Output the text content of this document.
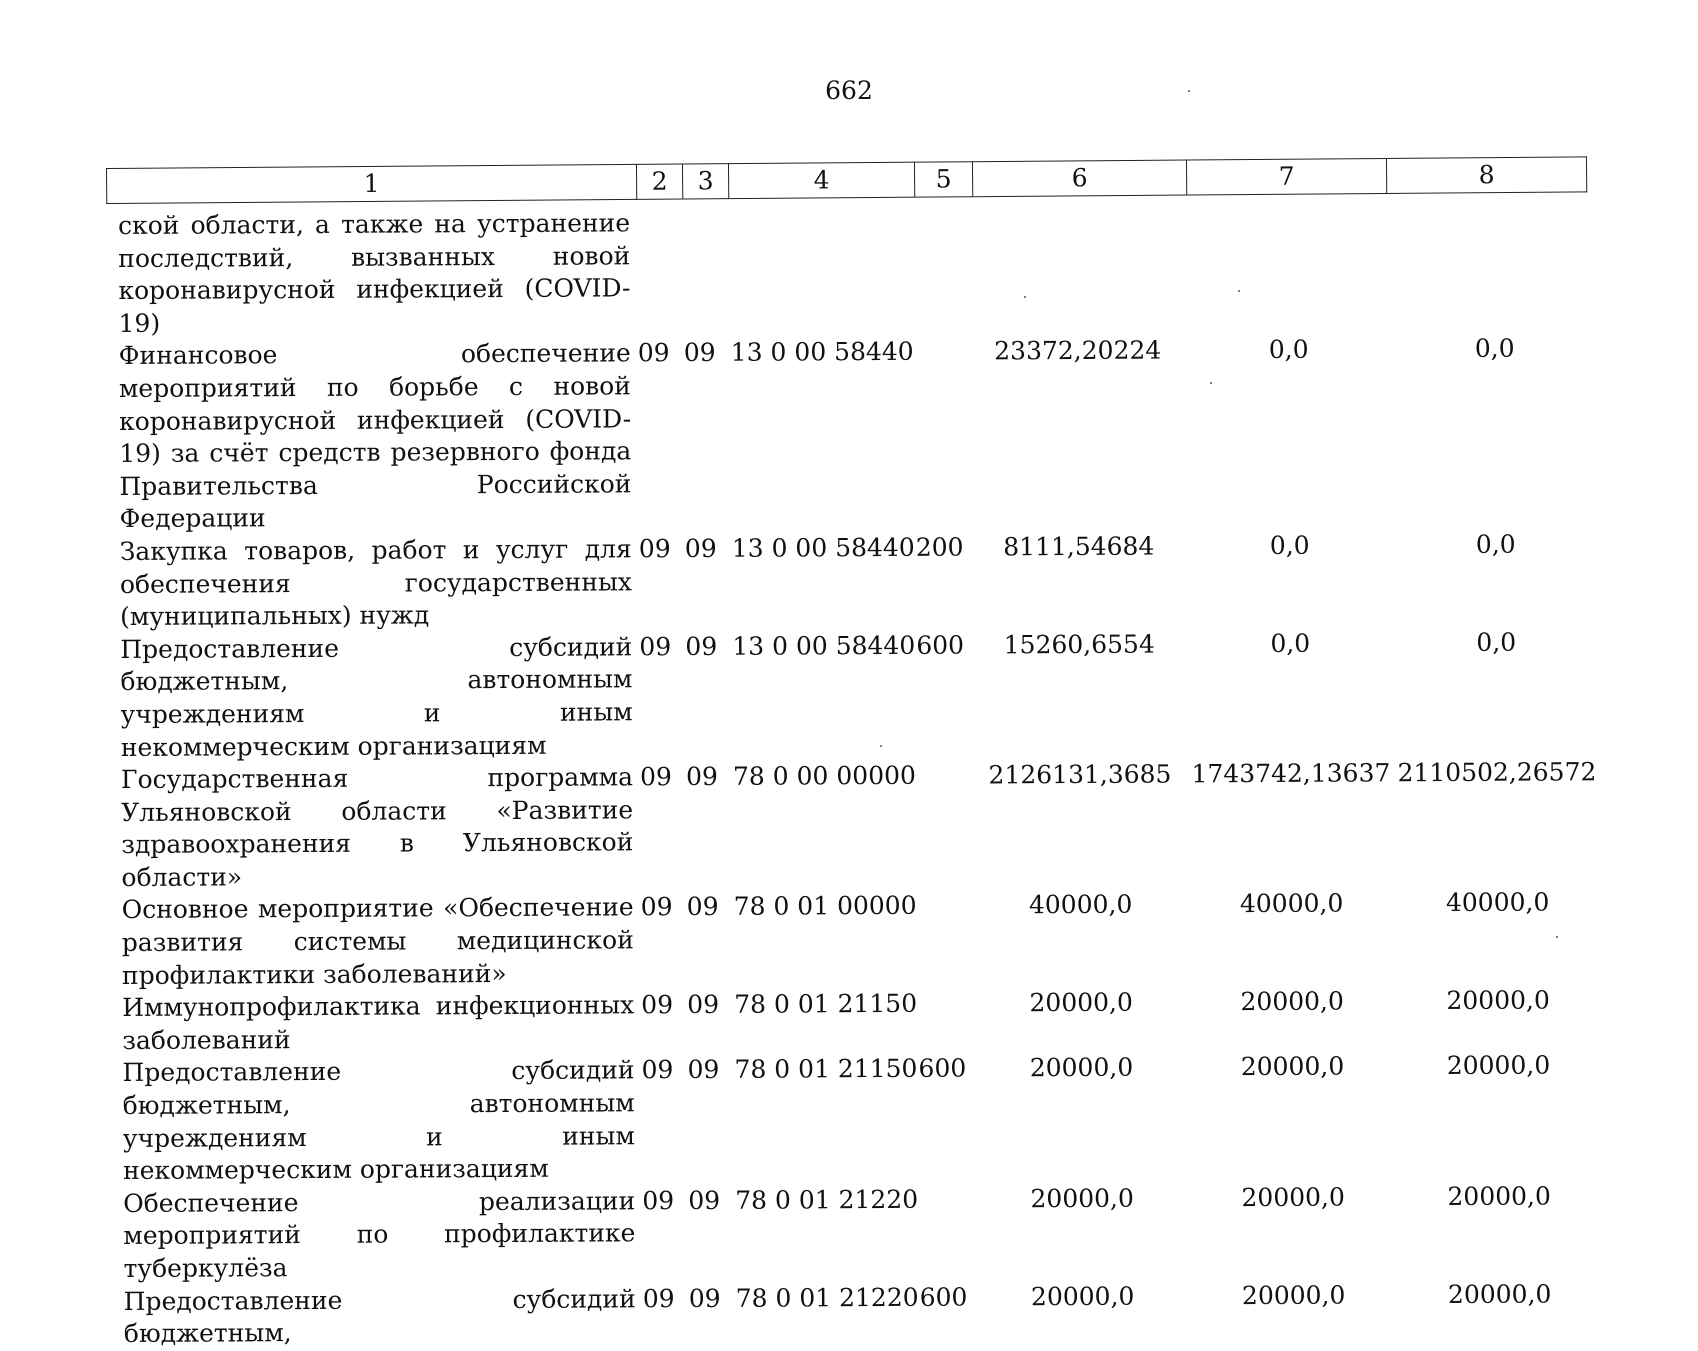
662
1	2	3	4	5	6	7	8
ской области, а также на устранение последствий, вызванных новой коронавирусной инфекцией (COVID-19)
Финансовое обеспечение мероприятий по борьбе с новой коронавирусной инфекцией (COVID-19) за счёт средств резервного фонда Правительства Российской Федерации
09 09 13 0 00 58440	23372,20224	0,0	0,0
Закупка товаров, работ и услуг для обеспечения государственных (муниципальных) нужд
09 09 13 0 00 58440 200	8111,54684	0,0	0,0
Предоставление субсидий бюджетным, автономным учреждениям и иным некоммерческим организациям
09 09 13 0 00 58440 600	15260,6554	0,0	0,0
Государственная программа Ульяновской области «Развитие здравоохранения в Ульяновской области»
09 09 78 0 00 00000	2126131,3685 1743742,13637 2110502,26572
Основное мероприятие «Обеспечение развития системы медицинской профилактики заболеваний»
09 09 78 0 01 00000	40000,0	40000,0	40000,0
Иммунопрофилактика инфекционных заболеваний
09 09 78 0 01 21150	20000,0	20000,0	20000,0
Предоставление субсидий бюджетным, автономным учреждениям и иным некоммерческим организациям
09 09 78 0 01 21150 600	20000,0	20000,0	20000,0
Обеспечение реализации мероприятий по профилактике туберкулёза
09 09 78 0 01 21220	20000,0	20000,0	20000,0
Предоставление субсидий бюджетным,
09 09 78 0 01 21220 600	20000,0	20000,0	20000,0
